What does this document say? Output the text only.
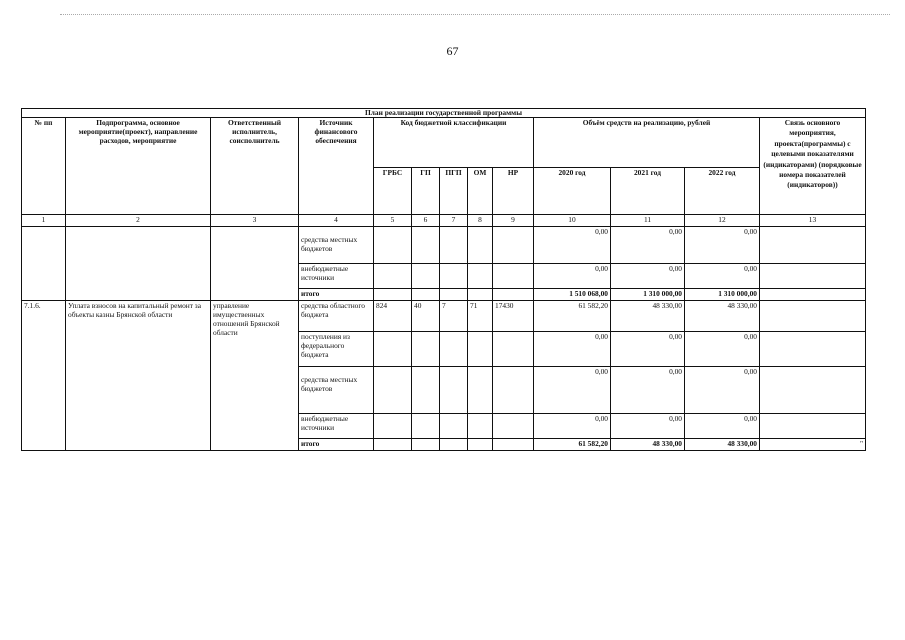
67
План реализации государственной программы												
№ пп	Подпрограмма, основное мероприятие(проект), направление расходов, мероприятие	Ответственный исполнитель, соисполнитель	Источник финансового обеспечения	Код бюджетной классификации					Объём средств на реализацию, рублей			Связь основного мероприятия, проекта(программы) с целевыми показателями (индикаторами) (порядковые номера показателей (индикаторов))
				ГРБС	ГП	ПГП	ОМ	НР	2020 год	2021 год	2022 год	
1	2	3	4	5	6	7	8	9	10	11	12	13
			средства местных бюджетов						0,00	0,00	0,00	
			внебюджетные источники						0,00	0,00	0,00	
			итого						1 510 068,00	1 310 000,00	1 310 000,00	
7.1.6.	Уплата взносов на капитальный ремонт за объекты казны Брянской области	управление имущественных отношений Брянской области	средства областного бюджета	824	40	7	71	17430	61 582,20	48 330,00	48 330,00	
			поступления из федерального бюджета						0,00	0,00	0,00	
			средства местных бюджетов						0,00	0,00	0,00	
			внебюджетные источники						0,00	0,00	0,00	
			итого						61 582,20	48 330,00	48 330,00	"
